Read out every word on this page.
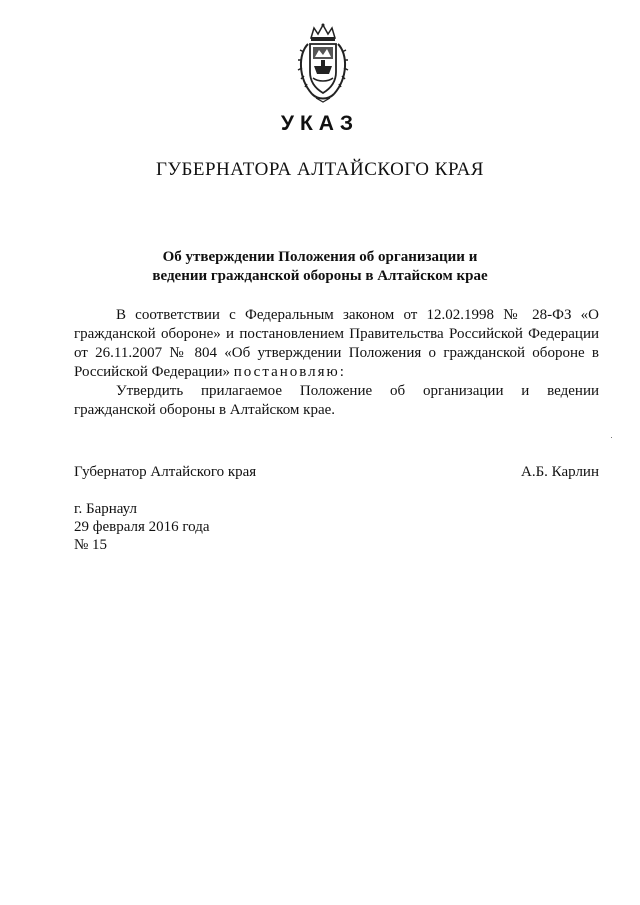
УКАЗ
ГУБЕРНАТОРА АЛТАЙСКОГО КРАЯ
Об утверждении Положения об организации и
ведении гражданской обороны в Алтайском крае

В соответствии с Федеральным законом от 12.02.1998 № 28-ФЗ «О гражданской обороне» и постановлением Правительства Российской Федерации от 26.11.2007 № 804 «Об утверждении Положения о гражданской обороне в Российской Федерации» постановляю:

Утвердить прилагаемое Положение об организации и ведении гражданской обороны в Алтайском крае.

Губернатор Алтайского края	А.Б. Карлин
г. Барнаул
29 февраля 2016 года
№ 15
